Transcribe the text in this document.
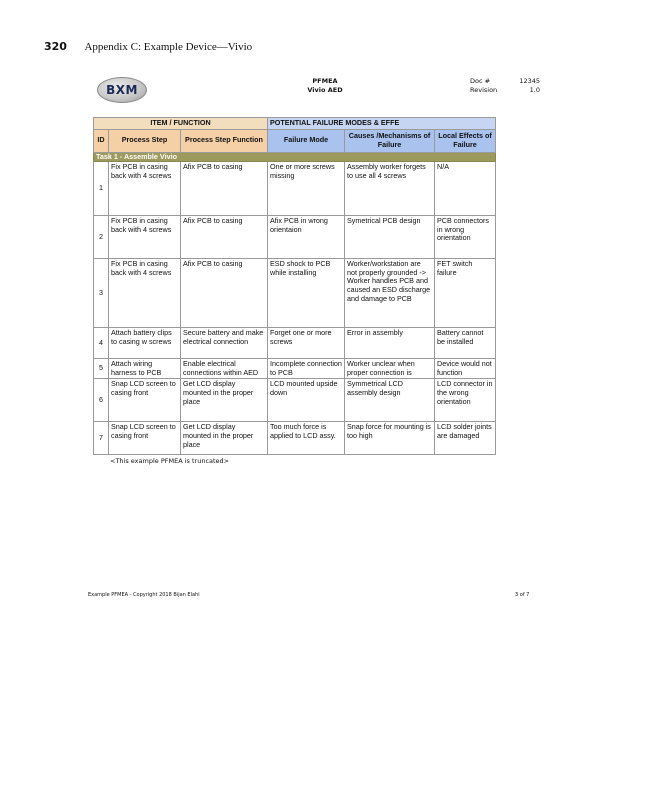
320 Appendix C: Example Device—Vivio
BXM
PFMEA
Vivio AED
Doc #	12345
Revision	1.0
ITEM / FUNCTION			POTENTIAL FAILURE MODES & EFFE		
ID	Process Step	Process Step Function	Failure Mode	Causes /Mechanisms of Failure	Local Effects of Failure
Task 1 - Assemble Vivio					
1	Fix PCB in casing back with 4 screws	Afix PCB to casing	One or more screws missing	Assembly worker forgets to use all 4 screws	N/A
2	Fix PCB in casing back with 4 screws	Afix PCB to casing	Afix PCB in wrong orientaion	Symetrical PCB design	PCB connectors in wrong orientation
3	Fix PCB in casing back with 4 screws	Afix PCB to casing	ESD shock to PCB while installing	Worker/workstation are not properly grounded -> Worker handles PCB and caused an ESD discharge and damage to PCB	FET switch failure
4	Attach battery clips to casing w screws	Secure battery and make electrical connection	Forget one or more screws	Error in assembly	Battery cannot be installed
5	Attach wiring harness to PCB	Enable electrical connections within AED	Incomplete connection to PCB	Worker unclear when proper connection is	Device would not function
6	Snap LCD screen to casing front	Get LCD display mounted in the proper place	LCD mounted upside down	Symmetrical LCD assembly design	LCD connector in the wrong orientation
7	Snap LCD screen to casing front	Get LCD display mounted in the proper place	Too much force is applied to LCD assy.	Snap force for mounting is too high	LCD solder joints are damaged
<This example PFMEA is truncated>
Example PFMEA - Copyright 2018 Bijan Elahi	3 of 7
